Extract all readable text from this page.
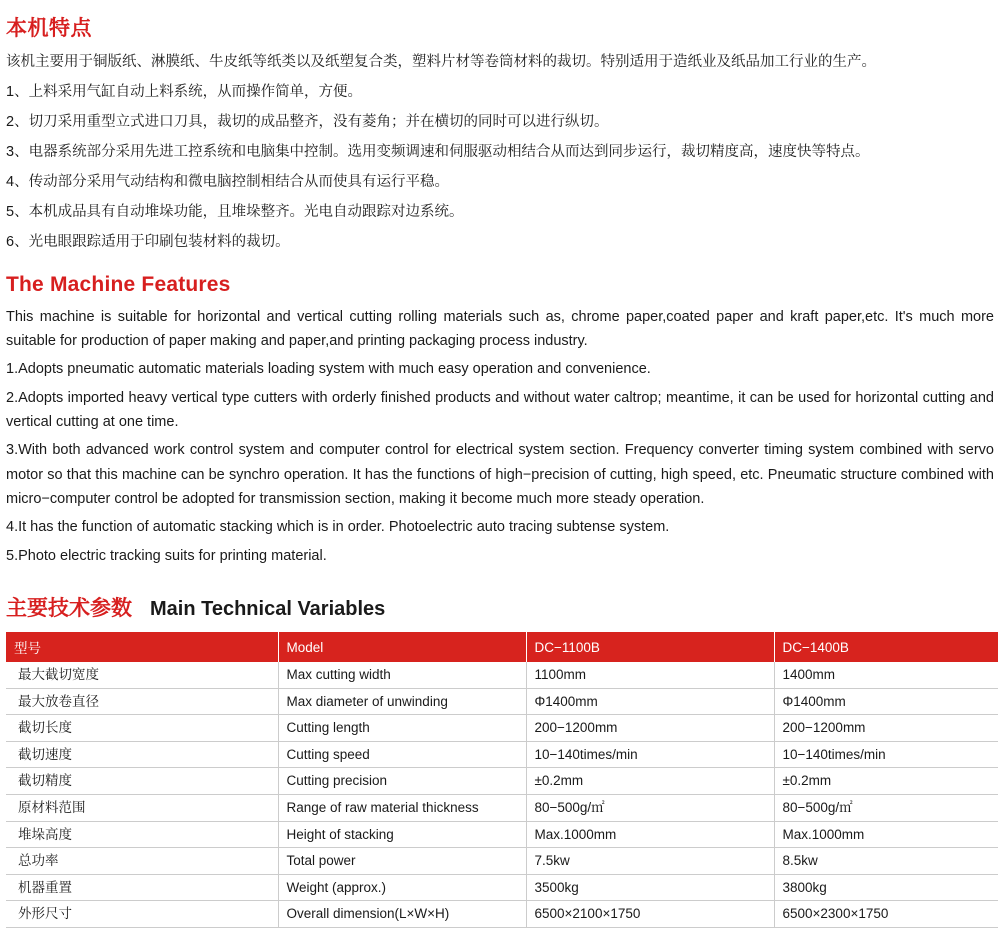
本机特点

该机主要用于铜版纸、淋膜纸、牛皮纸等纸类以及纸塑复合类，塑料片材等卷筒材料的裁切。特别适用于造纸业及纸品加工行业的生产。

1、上料采用气缸自动上料系统，从而操作简单，方便。

2、切刀采用重型立式进口刀具，裁切的成品整齐，没有菱角；并在横切的同时可以进行纵切。

3、电器系统部分采用先进工控系统和电脑集中控制。选用变频调速和伺服驱动相结合从而达到同步运行，裁切精度高，速度快等特点。

4、传动部分采用气动结构和微电脑控制相结合从而使具有运行平稳。

5、本机成品具有自动堆垛功能，且堆垛整齐。光电自动跟踪对边系统。

6、光电眼跟踪适用于印刷包装材料的裁切。

The Machine Features

This machine is suitable for horizontal and vertical cutting rolling materials such as, chrome paper,coated paper and kraft paper,etc. It's much more suitable for production of paper making and paper,and printing packaging process industry.

1.Adopts pneumatic automatic materials loading system with much easy operation and convenience.

2.Adopts imported heavy vertical type cutters with orderly finished products and without water caltrop; meantime, it can be used for horizontal cutting and vertical cutting at one time.

3.With both advanced work control system and computer control for electrical system section. Frequency converter timing system combined with servo motor so that this machine can be synchro operation. It has the functions of high−precision of cutting, high speed, etc. Pneumatic structure combined with micro−computer control be adopted for transmission section, making it become much more steady operation.

4.It has the function of automatic stacking which is in order. Photoelectric auto tracing subtense system.

5.Photo electric tracking suits for printing material.

主要技术参数 Main Technical Variables
型号	Model	DC−1100B	DC−1400B
最大截切宽度	Max cutting width	1100mm	1400mm
最大放卷直径	Max diameter of unwinding	Φ1400mm	Φ1400mm
截切长度	Cutting length	200−1200mm	200−1200mm
截切速度	Cutting speed	10−140times/min	10−140times/min
截切精度	Cutting precision	±0.2mm	±0.2mm
原材料范围	Range of raw material thickness	80−500g/㎡	80−500g/㎡
堆垛高度	Height of stacking	Max.1000mm	Max.1000mm
总功率	Total power	7.5kw	8.5kw
机器重置	Weight (approx.)	3500kg	3800kg
外形尺寸	Overall dimension(L×W×H)	6500×2100×1750	6500×2300×1750
